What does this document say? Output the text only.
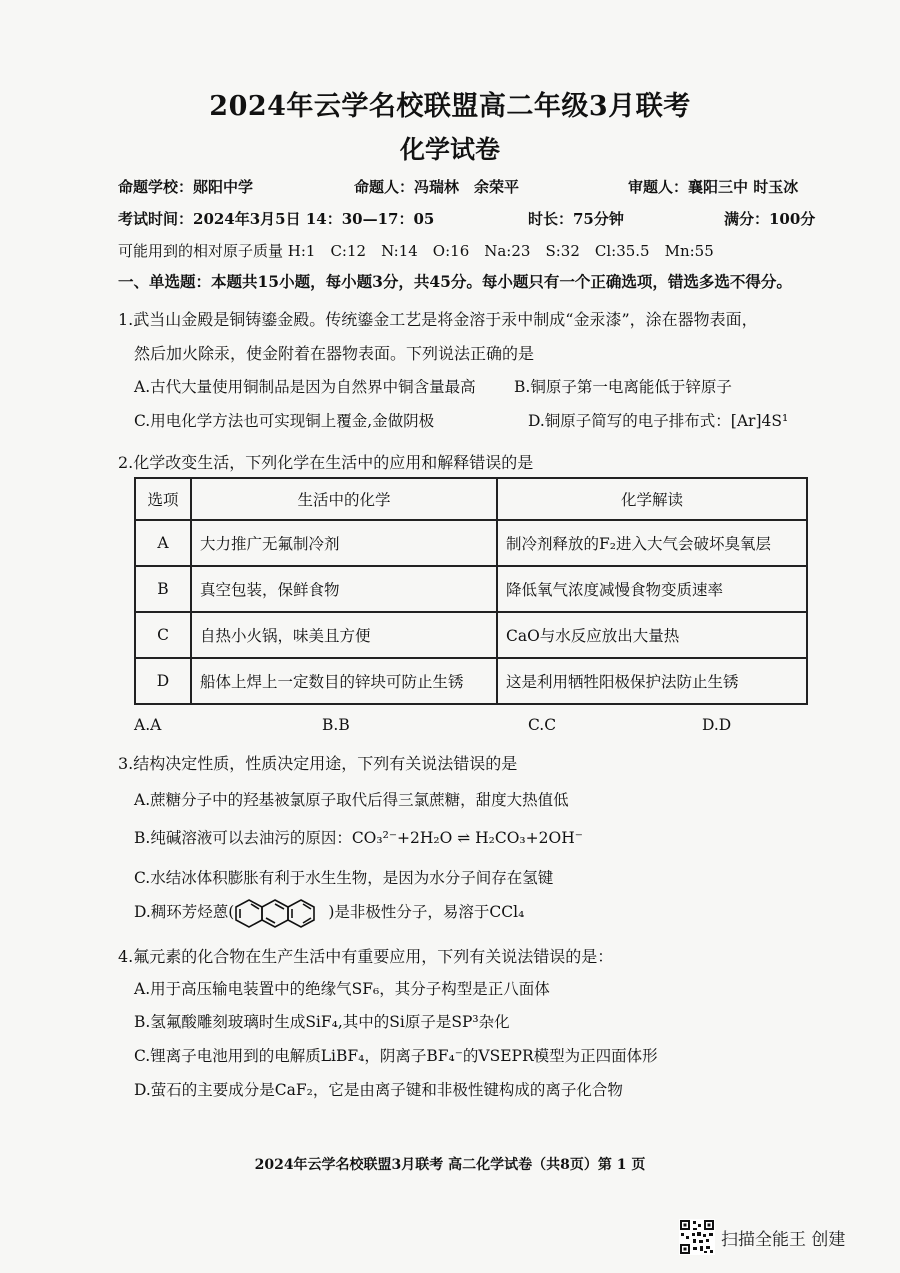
2024年云学名校联盟高二年级3月联考
化学试卷
命题学校：郧阳中学	命题人：冯瑞林　余荣平	审题人：襄阳三中 时玉冰
考试时间：2024年3月5日 14：30—17：05	时长：75分钟	满分：100分
可能用到的相对原子质量 H:1　C:12　N:14　O:16　Na:23　S:32　Cl:35.5　Mn:55
一、单选题：本题共15小题，每小题3分，共45分。每小题只有一个正确选项，错选多选不得分。
1.武当山金殿是铜铸鎏金殿。传统鎏金工艺是将金溶于汞中制成“金汞漆”，涂在器物表面，
然后加火除汞，使金附着在器物表面。下列说法正确的是
A.古代大量使用铜制品是因为自然界中铜含量最高 B.铜原子第一电离能低于锌原子
C.用电化学方法也可实现铜上覆金,金做阴极	D.铜原子简写的电子排布式：[Ar]4S¹
2.化学改变生活，下列化学在生活中的应用和解释错误的是
选项	生活中的化学	化学解读
A	大力推广无氟制冷剂	制冷剂释放的F₂进入大气会破坏臭氧层
B	真空包装，保鲜食物	降低氧气浓度减慢食物变质速率
C	自热小火锅，味美且方便	CaO与水反应放出大量热
D	船体上焊上一定数目的锌块可防止生锈	这是利用牺牲阳极保护法防止生锈
A.A	B.B	C.C	D.D
3.结构决定性质，性质决定用途，下列有关说法错误的是
A.蔗糖分子中的羟基被氯原子取代后得三氯蔗糖，甜度大热值低
B.纯碱溶液可以去油污的原因：CO₃²⁻+2H₂O ⇌ H₂CO₃+2OH⁻
C.水结冰体积膨胀有利于水生生物，是因为水分子间存在氢键
D.稠环芳烃蒽(	)是非极性分子，易溶于CCl₄
4.氟元素的化合物在生产生活中有重要应用，下列有关说法错误的是：
A.用于高压输电装置中的绝缘气SF₆，其分子构型是正八面体
B.氢氟酸雕刻玻璃时生成SiF₄,其中的Si原子是SP³杂化
C.锂离子电池用到的电解质LiBF₄，阴离子BF₄⁻的VSEPR模型为正四面体形
D.萤石的主要成分是CaF₂，它是由离子键和非极性键构成的离子化合物
2024年云学名校联盟3月联考 高二化学试卷（共8页）第 1 页
扫描全能王 创建
